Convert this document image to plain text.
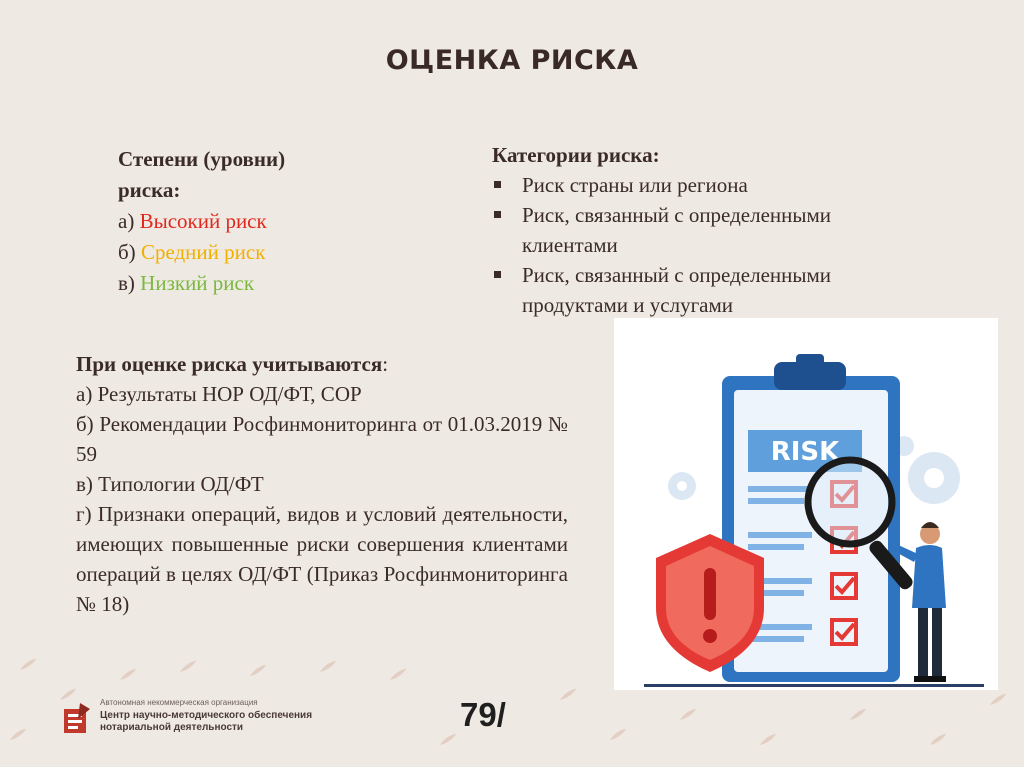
ОЦЕНКА РИСКА
Степени (уровни)
риска:
а) Высокий риск
б) Средний риск
в) Низкий риск
Категории риска:
Риск страны или региона
Риск, связанный с определенными клиентами
Риск, связанный с определенными продуктами и услугами
При оценке риска учитываются:

а) Результаты НОР ОД/ФТ, СОР

б) Рекомендации Росфинмониторинга от 01.03.2019 № 59

в) Типологии ОД/ФТ

г) Признаки операций, видов и условий деятельности, имеющих повышенные риски совершения клиентами операций в целях ОД/ФТ (Приказ Росфинмониторинга № 18)

RISK
Автономная некоммерческая организация
Центр научно-методического обеспечения нотариальной деятельности	79/
